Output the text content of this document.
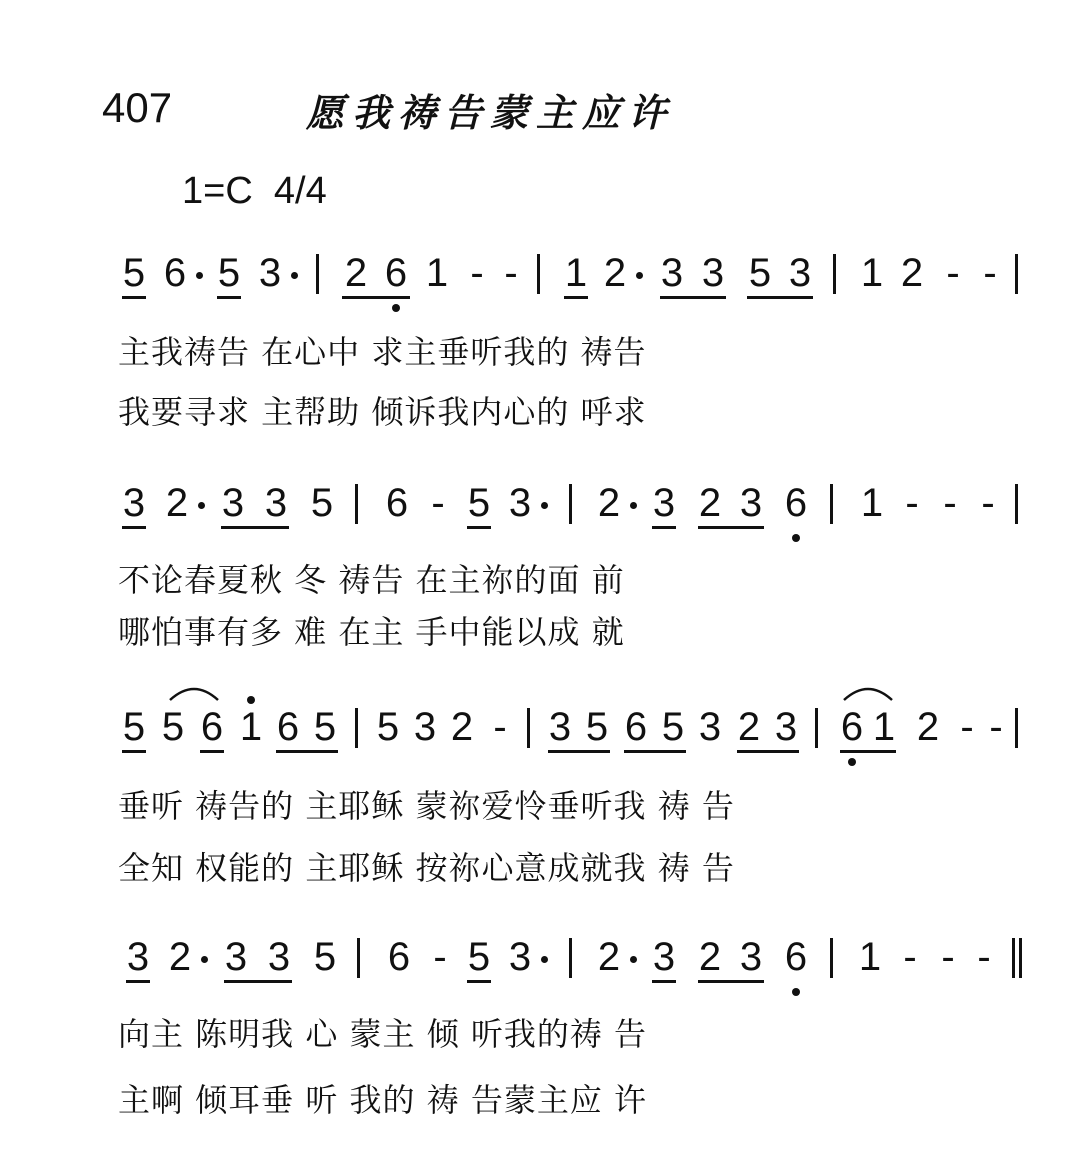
407	愿我祷告蒙主应许
1=C  4/4
5 6 5 3 2 6 1 - - 1 2 3 3 5 3 1 2 - -
主我祷告 在心中 求主垂听我的 祷告
我要寻求 主帮助 倾诉我内心的 呼求
3 2 3 3 5 6 - 5 3 2 3 2 3 6 1 - - -
不论春夏秋 冬 祷告 在主祢的面 前
哪怕事有多 难 在主 手中能以成 就
5 5 6 1 6 5 5 3 2 - 3 5 6 5 3 2 3 6 1 2 - -
垂听 祷告的 主耶稣 蒙祢爱怜垂听我 祷 告
全知 权能的 主耶稣 按祢心意成就我 祷 告
3 2 3 3 5 6 - 5 3 2 3 2 3 6 1 - - -
向主 陈明我 心 蒙主 倾 听我的祷 告
主啊 倾耳垂 听 我的 祷 告蒙主应 许
